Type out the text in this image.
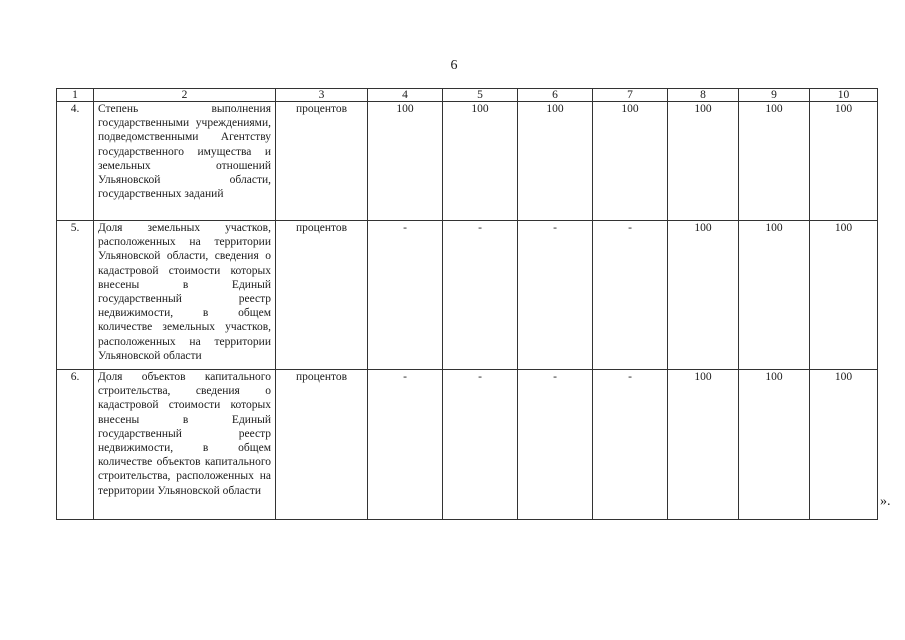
6
1	2	3	4	5	6	7	8	9	10
4.	Степень выполнения государственными учреждениями, подведомственными Агентству государственного имущества и земельных отношений Ульяновской области, государственных заданий	процентов	100	100	100	100	100	100	100
5.	Доля земельных участков, расположенных на территории Ульяновской области, сведения о кадастровой стоимости которых внесены в Единый государственный реестр недвижимости, в общем количестве земельных участков, расположенных на территории Ульяновской области	процентов	-	-	-	-	100	100	100
6.	Доля объектов капитального строительства, сведения о кадастровой стоимости которых внесены в Единый государственный реестр недвижимости, в общем количестве объектов капитального строительства, расположенных на территории Ульяновской области	процентов	-	-	-	-	100	100	100
».
